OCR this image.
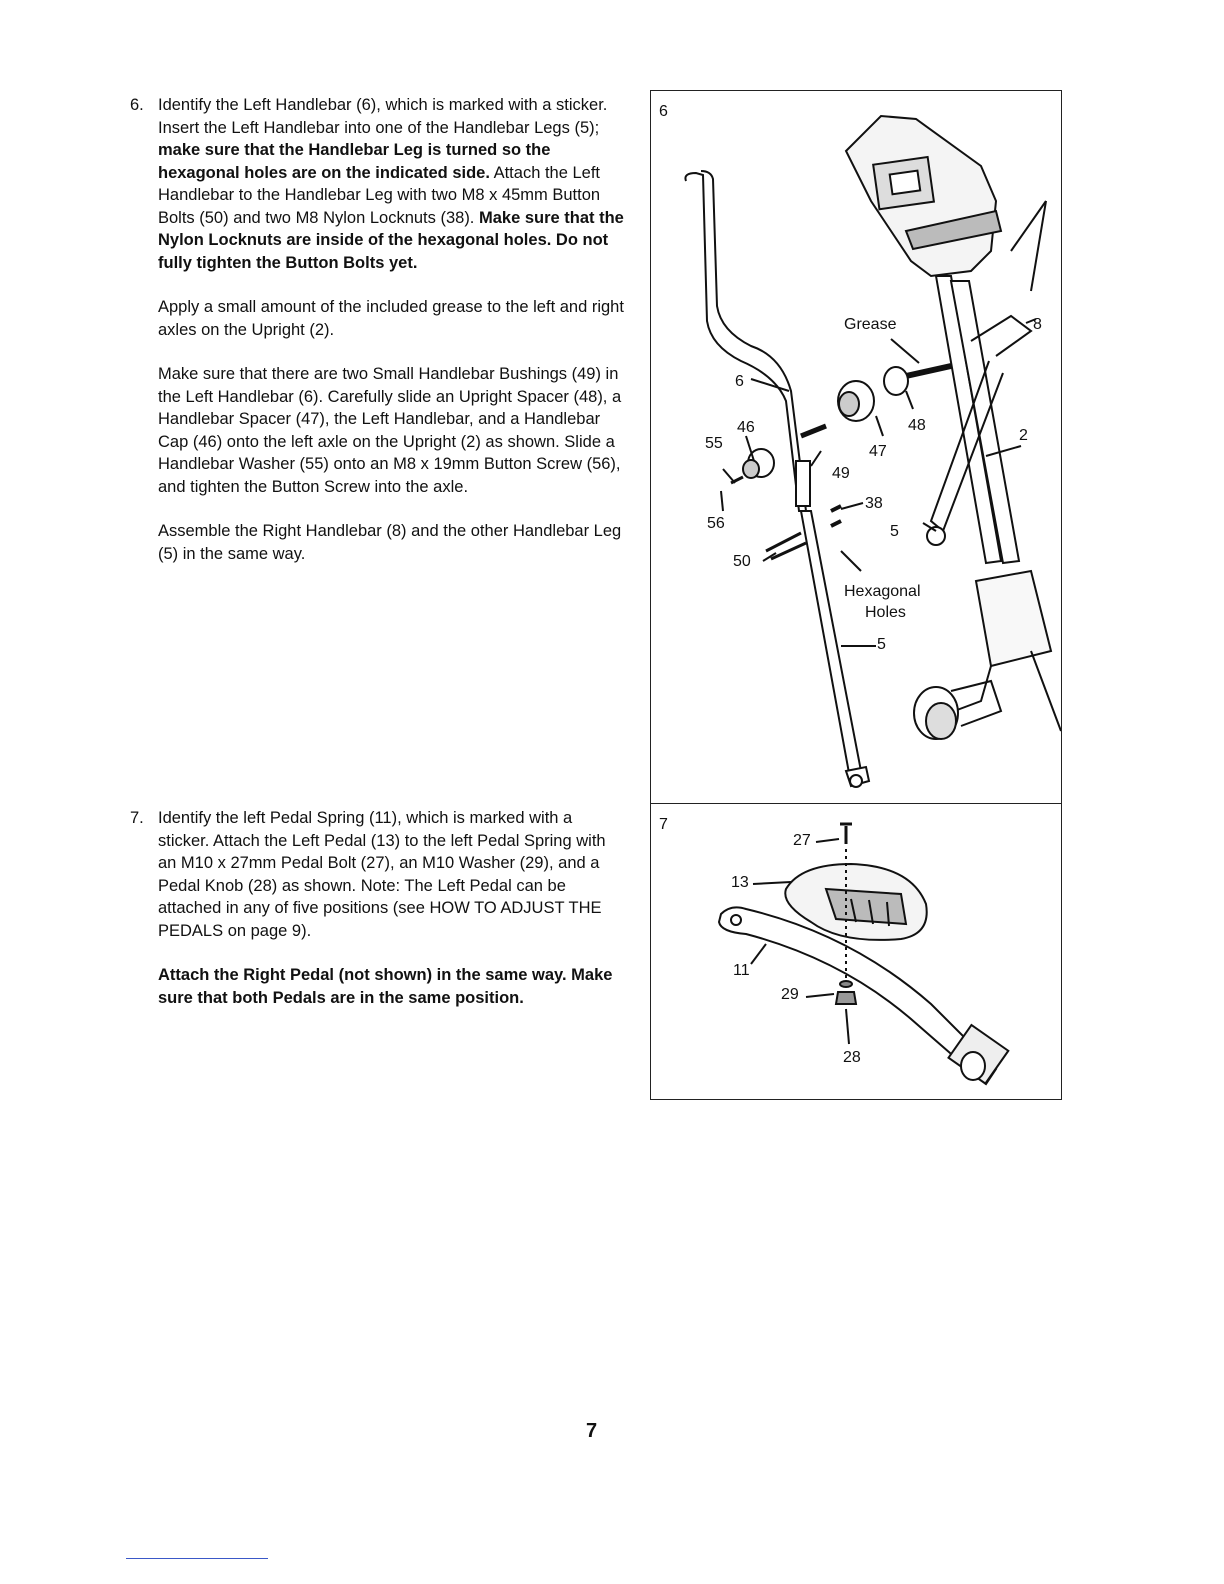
6. Identify the Left Handlebar (6), which is marked with a sticker. Insert the Left Handlebar into one of the Handlebar Legs (5); make sure that the Handlebar Leg is turned so the hexagonal holes are on the indicated side. Attach the Left Handlebar to the Handlebar Leg with two M8 x 45mm Button Bolts (50) and two M8 Nylon Locknuts (38). Make sure that the Nylon Locknuts are inside of the hexagonal holes. Do not fully tighten the Button Bolts yet.

Apply a small amount of the included grease to the left and right axles on the Upright (2).

Make sure that there are two Small Handlebar Bushings (49) in the Left Handlebar (6). Carefully slide an Upright Spacer (48), a Handlebar Spacer (47), the Left Handlebar, and a Handlebar Cap (46) onto the left axle on the Upright (2) as shown. Slide a Handlebar Washer (55) onto an M8 x 19mm Button Screw (56), and tighten the Button Screw into the axle.

Assemble the Right Handlebar (8) and the other Handlebar Leg (5) in the same way.

7. Identify the left Pedal Spring (11), which is marked with a sticker. Attach the Left Pedal (13) to the left Pedal Spring with an M10 x 27mm Pedal Bolt (27), an M10 Washer (29), and a Pedal Knob (28) as shown. Note: The Left Pedal can be attached in any of five positions (see HOW TO ADJUST THE PEDALS on page 9).

Attach the Right Pedal (not shown) in the same way. Make sure that both Pedals are in the same position.

6
Grease	8
6
46
55
48
47
49
2
38
56	5
50
Hexagonal
Holes
5
7
27
13
11
29
28
7
